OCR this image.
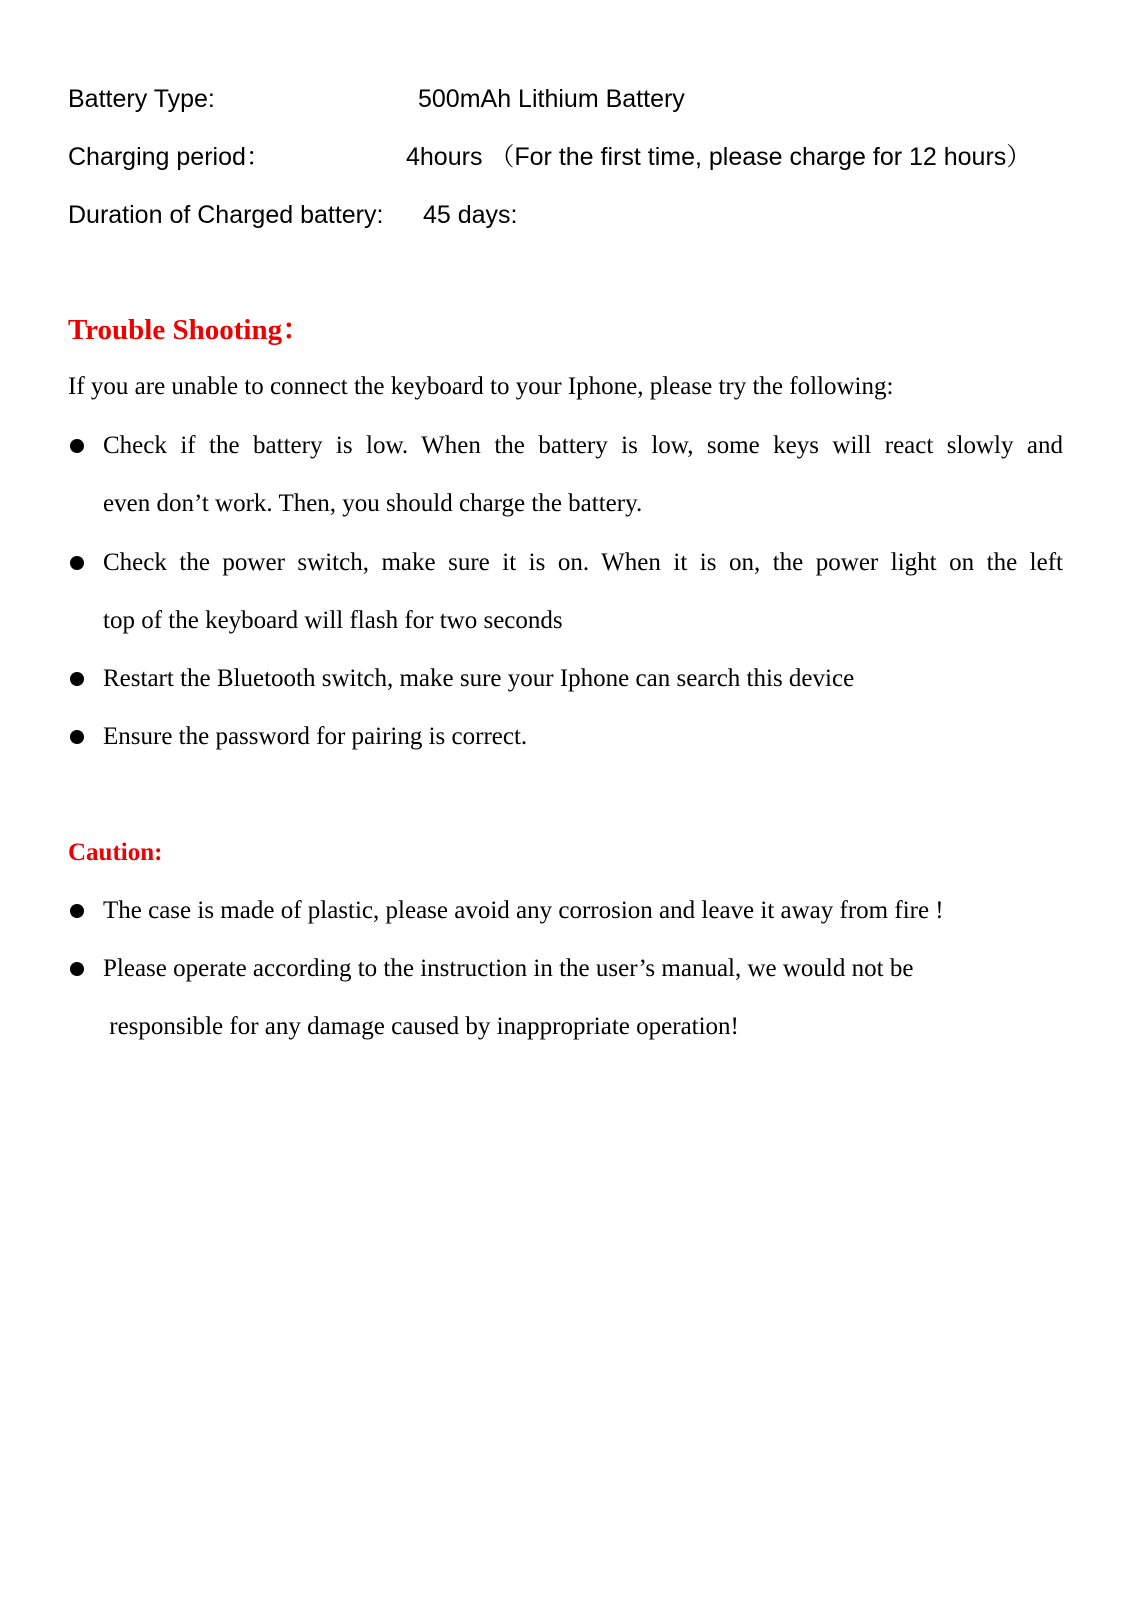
Battery Type:	500mAh Lithium Battery
Charging period：	4hours （For the first time, please charge for 12 hours）
Duration of Charged battery: 45 days:
Trouble Shooting：
If you are unable to connect the keyboard to your Iphone, please try the following:
Check if the battery is low. When the battery is low, some keys will react slowly and
even don’t work. Then, you should charge the battery.
Check the power switch, make sure it is on. When it is on, the power light on the left
top of the keyboard will flash for two seconds
Restart the Bluetooth switch, make sure your Iphone can search this device
Ensure the password for pairing is correct.
Caution:
The case is made of plastic, please avoid any corrosion and leave it away from fire !
Please operate according to the instruction in the user’s manual, we would not be
responsible for any damage caused by inappropriate operation!
